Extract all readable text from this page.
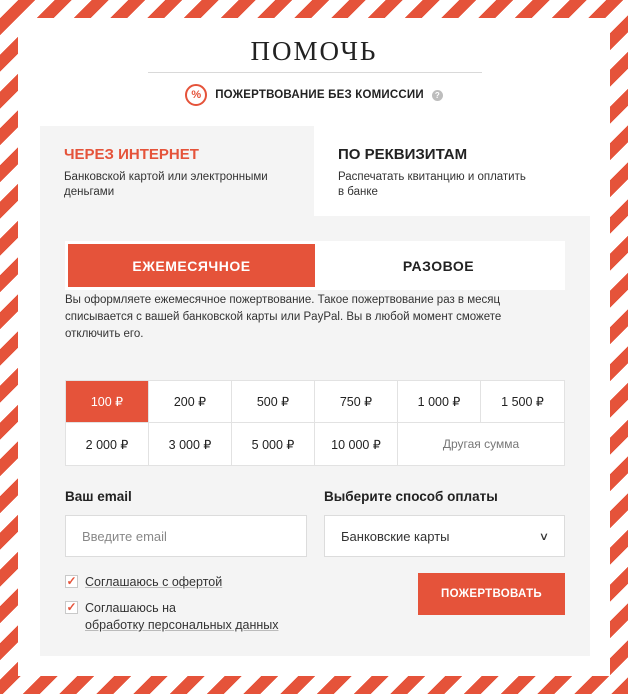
ПОМОЧЬ
%	ПОЖЕРТВОВАНИЕ БЕЗ КОМИССИИ	?
ЧЕРЕЗ ИНТЕРНЕТ
Банковской картой или электронными
деньгами
ПО РЕКВИЗИТАМ
Распечатать квитанцию и оплатить
в банке
ЕЖЕМЕСЯЧНОЕ	РАЗОВОЕ
Вы оформляете ежемесячное пожертвование. Такое пожертвование раз в месяц
списывается с вашей банковской карты или PayPal. Вы в любой момент сможете
отключить его.
100 ₽	200 ₽	500 ₽	750 ₽	1 000 ₽	1 500 ₽
2 000 ₽	3 000 ₽	5 000 ₽	10 000 ₽	Другая сумма
Ваш email	Выберите способ оплаты
Введите email
Банковские карты	∨
✓ Соглашаюсь с офертой
✓ Соглашаюсь на
обработку персональных данных
ПОЖЕРТВОВАТЬ
